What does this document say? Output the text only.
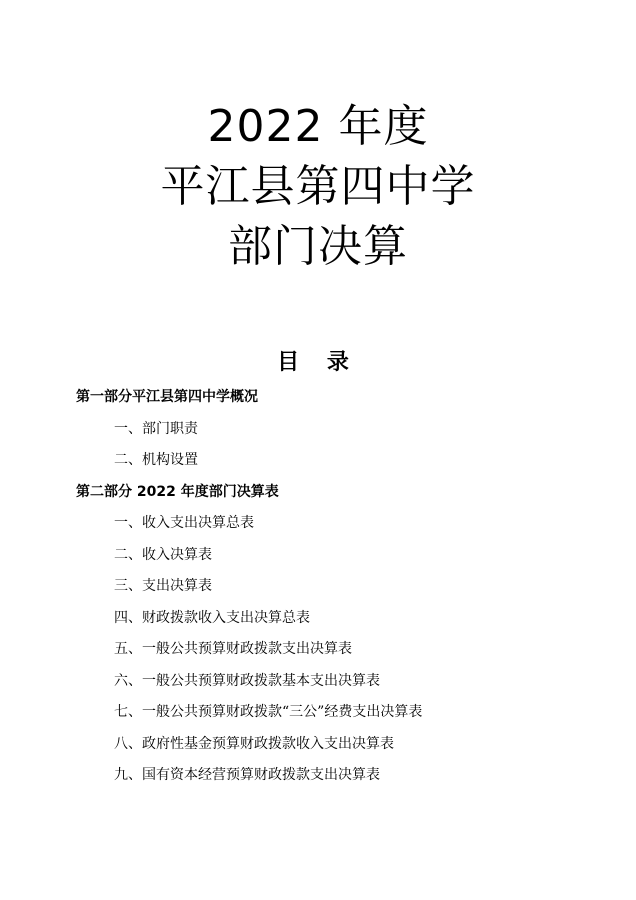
2022 年度
平江县第四中学
部门决算
目 录
第一部分平江县第四中学概况
一、部门职责
二、机构设置
第二部分 2022 年度部门决算表
一、收入支出决算总表
二、收入决算表
三、支出决算表
四、财政拨款收入支出决算总表
五、一般公共预算财政拨款支出决算表
六、一般公共预算财政拨款基本支出决算表
七、一般公共预算财政拨款“三公”经费支出决算表
八、政府性基金预算财政拨款收入支出决算表
九、国有资本经营预算财政拨款支出决算表
